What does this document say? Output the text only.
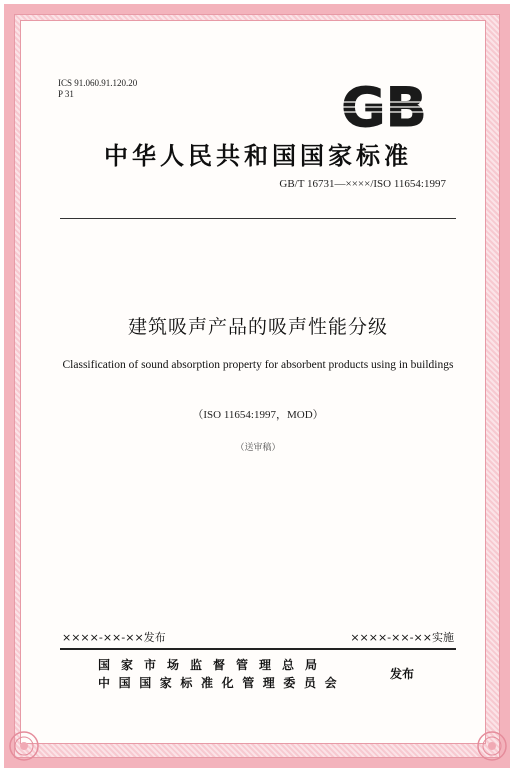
ICS 91.060.91.120.20
P 31	GB
中华人民共和国国家标准
GB/T 16731—××××/ISO 11654:1997
建筑吸声产品的吸声性能分级
Classification of sound absorption property for absorbent products using in buildings
（ISO 11654:1997，MOD）
（送审稿）
××××-××-××发布	××××-××-××实施
国家市场监督管理总局
中国国家标准化管理委员会
发布
